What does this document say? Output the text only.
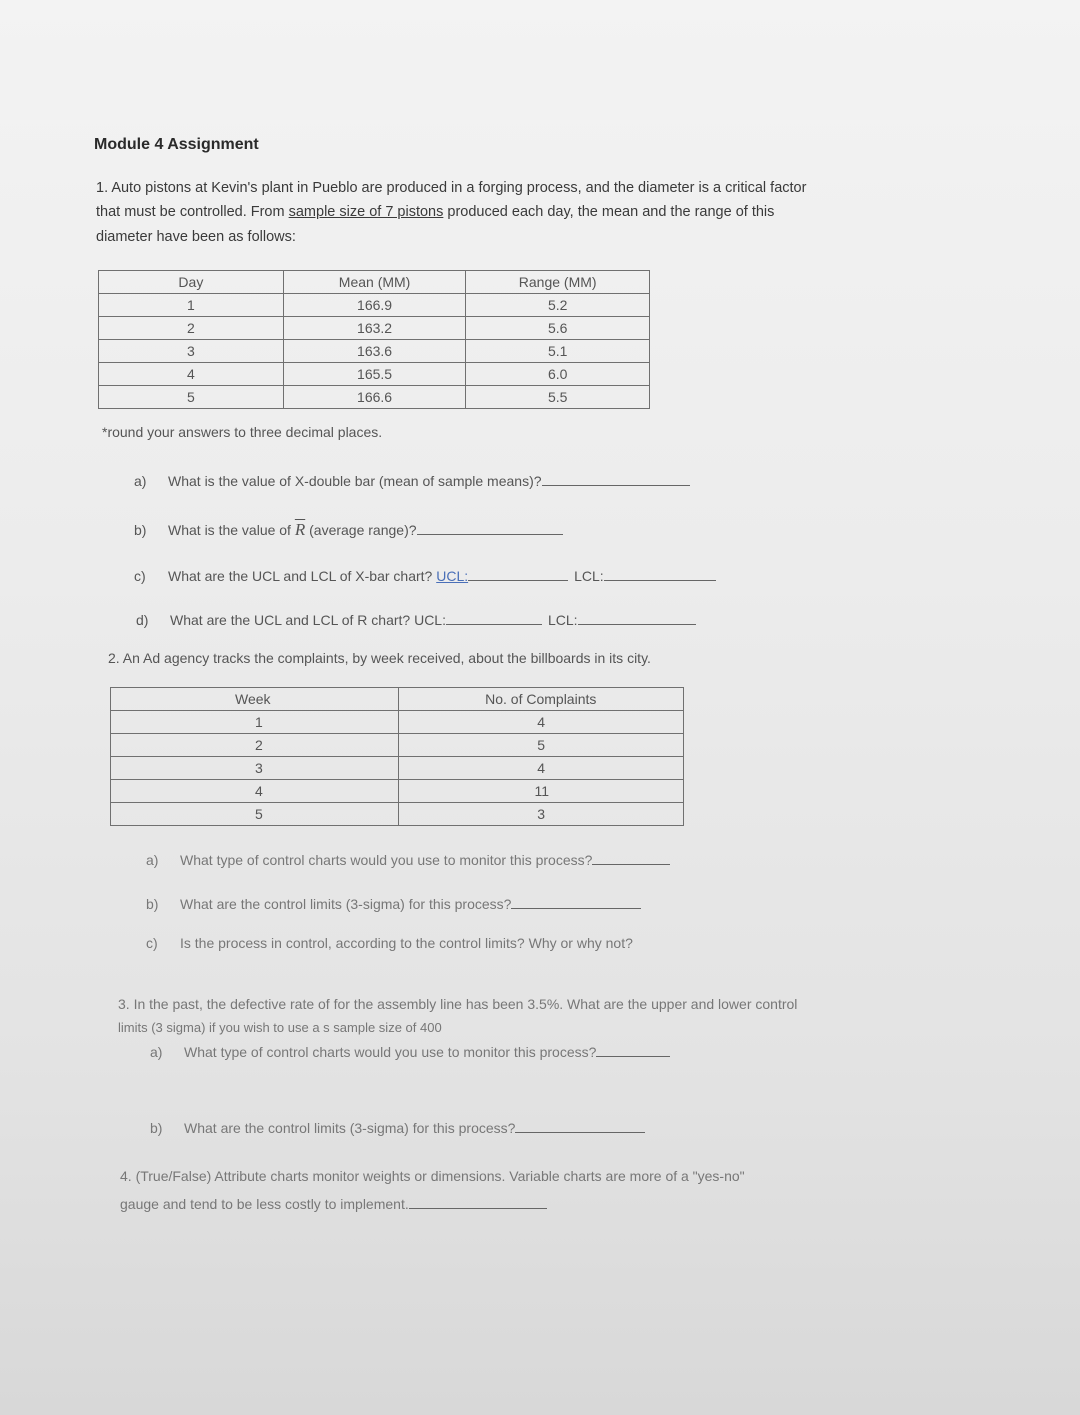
Module 4 Assignment
1. Auto pistons at Kevin's plant in Pueblo are produced in a forging process, and the diameter is a critical factor
that must be controlled. From sample size of 7 pistons produced each day, the mean and the range of this
diameter have been as follows:
Day	Mean (MM)	Range (MM)
1	166.9	5.2
2	163.2	5.6
3	163.6	5.1
4	165.5	6.0
5	166.6	5.5
*round your answers to three decimal places.
a) What is the value of X-double bar (mean of sample means)?
b) What is the value of $\overline{R}$ (average range)?
c) What are the UCL and LCL of X-bar chart? UCL:	LCL:
d) What are the UCL and LCL of R chart? UCL:	LCL:
2. An Ad agency tracks the complaints, by week received, about the billboards in its city.
Week	No. of Complaints
1	4
2	5
3	4
4	11
5	3
a) What type of control charts would you use to monitor this process?
b) What are the control limits (3-sigma) for this process?
c) Is the process in control, according to the control limits? Why or why not?
3. In the past, the defective rate of for the assembly line has been 3.5%. What are the upper and lower control
limits (3 sigma) if you wish to use a s sample size of 400
a) What type of control charts would you use to monitor this process?
b) What are the control limits (3-sigma) for this process?
4. (True/False) Attribute charts monitor weights or dimensions. Variable charts are more of a "yes-no"
gauge and tend to be less costly to implement.
